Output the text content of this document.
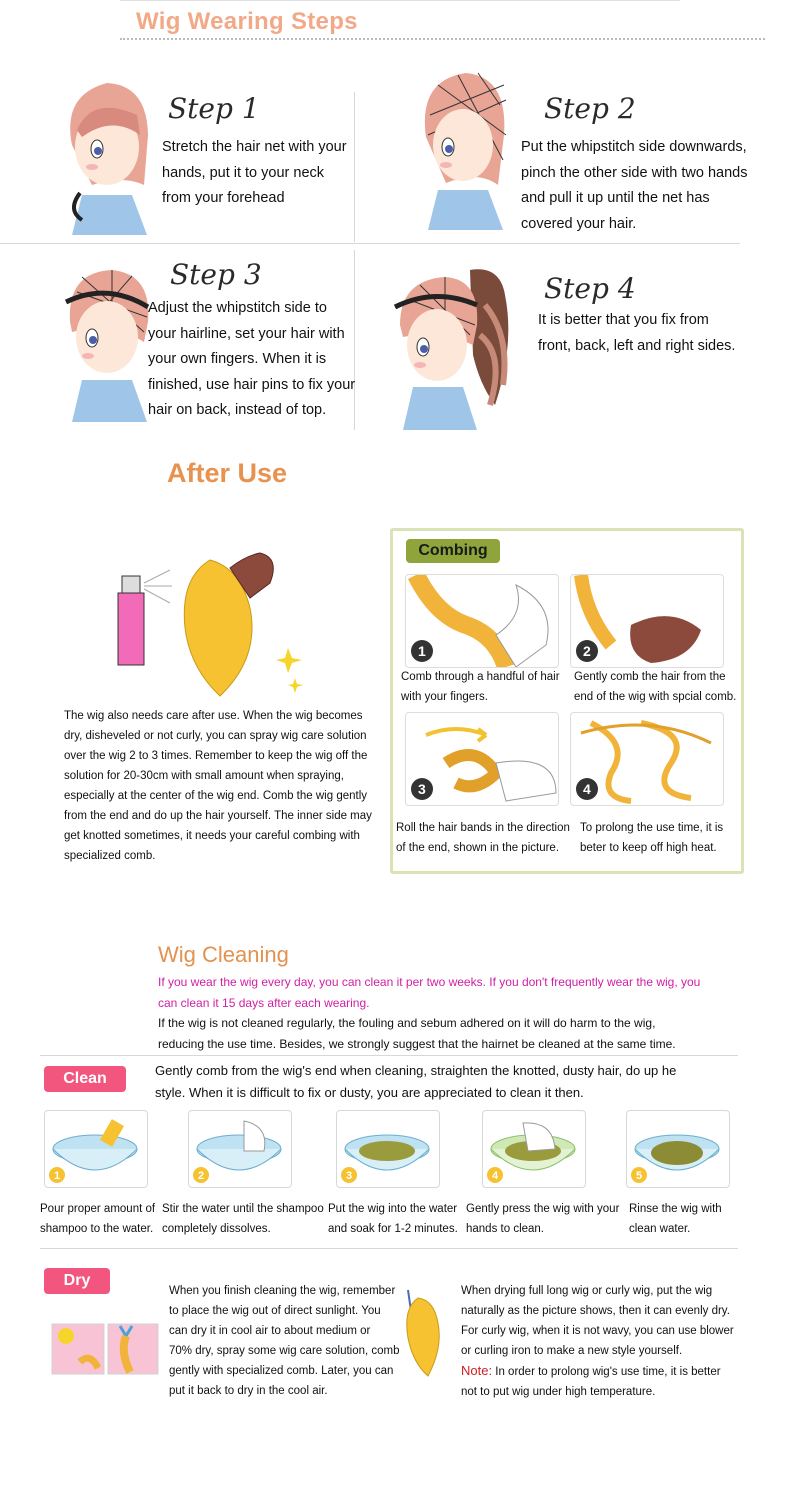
Wig Wearing Steps
Step 1
Stretch the hair net with your
hands, put it to your neck
from your forehead
Step 2
Put the whipstitch side downwards,
pinch the other side with two hands
and pull it up until the net has
covered your hair.
Step 3
Adjust the whipstitch side to
your hairline, set your hair with
your own fingers. When it is
finished, use hair pins to fix your
hair on back, instead of top.
Step 4
It is better that you fix from
front, back, left and right sides.
After Use
The wig also needs care after use. When the wig becomes
dry, disheveled or not curly, you can spray wig care solution
over the wig 2 to 3 times. Remember to keep the wig off the
solution for 20-30cm with small amount when spraying,
especially at the center of the wig end. Comb the wig gently
from the end and do up the hair yourself. The inner side may
get knotted sometimes, it needs your careful combing with
specialized comb.
Combing
1	2
Comb through a handful of hair
with your fingers.
Gently comb the hair from the
end of the wig with spcial comb.
3	4
Roll the hair bands in the direction
of the end, shown in the picture.
To prolong the use time, it is
beter to keep off high heat.
Wig Cleaning
If you wear the wig every day, you can clean it per two weeks. If you don't frequently wear the wig, you
can clean it 15 days after each wearing.
If the wig is not cleaned regularly, the fouling and sebum adhered on it will do harm to the wig,
reducing the use time. Besides, we strongly suggest that the hairnet be cleaned at the same time.
Clean	Gently comb from the wig's end when cleaning, straighten the knotted, dusty hair, do up he
style. When it is difficult to fix or dusty, you are appreciated to clean it then.
1	2	3	4	5
Pour proper amount of
shampoo to the water.
Stir the water until the shampoo
completely dissolves.
Put the wig into the water
and soak for 1-2 minutes.
Gently press the wig with your
hands to clean.
Rinse the wig with
clean water.
Dry
When you finish cleaning the wig, remember
to place the wig out of direct sunlight. You
can dry it in cool air to about medium or
70% dry, spray some wig care solution, comb
gently with specialized comb. Later, you can
put it back to dry in the cool air.
When drying full long wig or curly wig, put the wig
naturally as the picture shows, then it can evenly dry.
For curly wig, when it is not wavy, you can use blower
or curling iron to make a new style yourself.
Note: In order to prolong wig's use time, it is better
not to put wig under high temperature.
